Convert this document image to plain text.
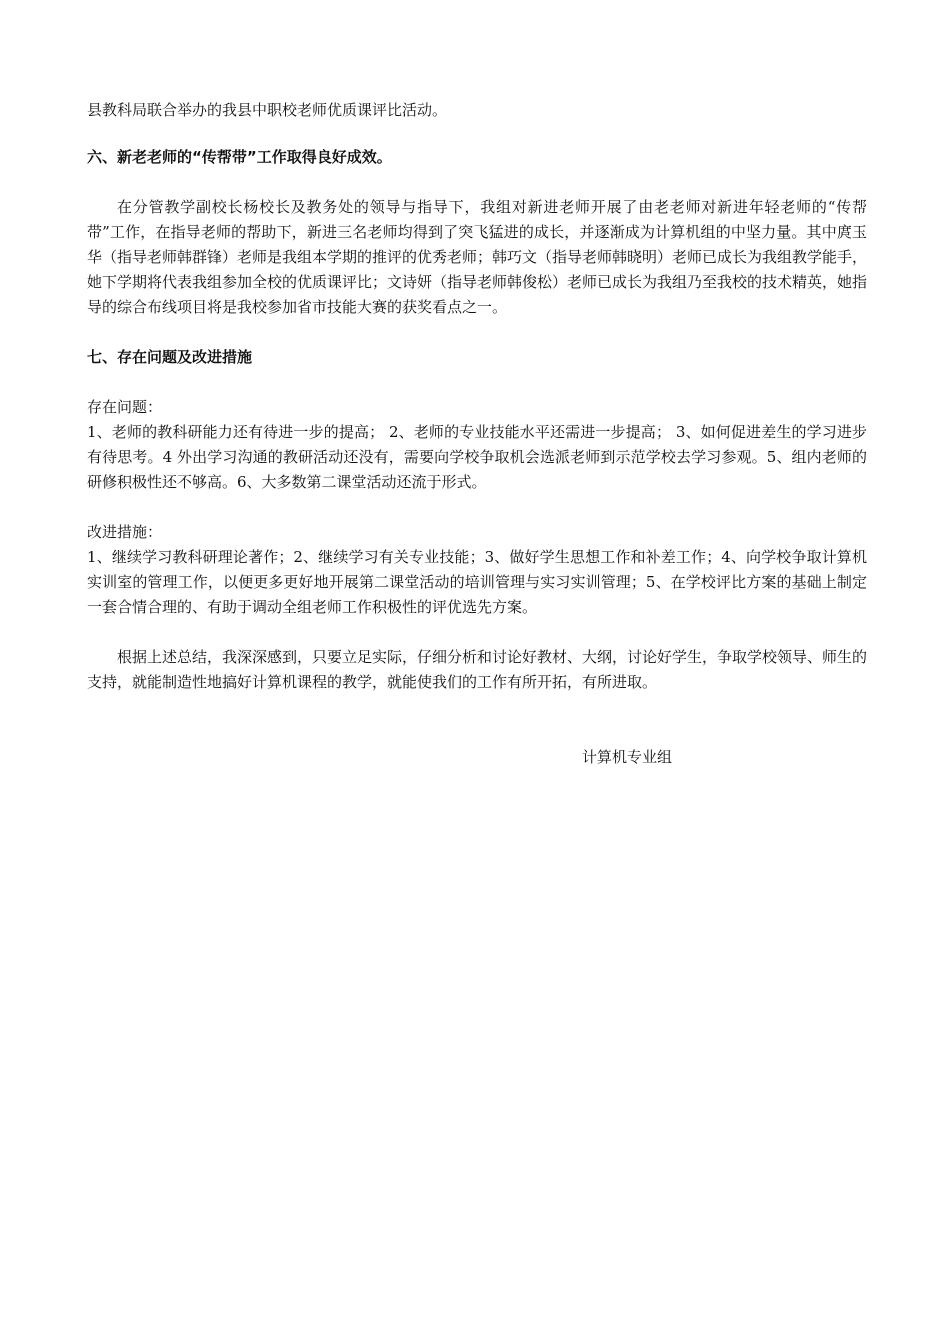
县教科局联合举办的我县中职校老师优质课评比活动。

六、新老老师的“传帮带”工作取得良好成效。

在分管教学副校长杨校长及教务处的领导与指导下，我组对新进老师开展了由老老师对新进年轻老师的“传帮带”工作，在指导老师的帮助下，新进三名老师均得到了突飞猛进的成长，并逐渐成为计算机组的中坚力量。其中庹玉华（指导老师韩群锋）老师是我组本学期的推评的优秀老师；韩巧文（指导老师韩晓明）老师已成长为我组教学能手，她下学期将代表我组参加全校的优质课评比；文诗妍（指导老师韩俊松）老师已成长为我组乃至我校的技术精英，她指导的综合布线项目将是我校参加省市技能大赛的获奖看点之一。

七、存在问题及改进措施

存在问题：

1、老师的教科研能力还有待进一步的提高； 2、老师的专业技能水平还需进一步提高； 3、如何促进差生的学习进步有待思考。4 外出学习沟通的教研活动还没有，需要向学校争取机会选派老师到示范学校去学习参观。5、组内老师的研修积极性还不够高。6、大多数第二课堂活动还流于形式。

改进措施：

1、继续学习教科研理论著作；2、继续学习有关专业技能；3、做好学生思想工作和补差工作；4、向学校争取计算机实训室的管理工作，以便更多更好地开展第二课堂活动的培训管理与实习实训管理；5、在学校评比方案的基础上制定一套合情合理的、有助于调动全组老师工作积极性的评优选先方案。

根据上述总结，我深深感到，只要立足实际，仔细分析和讨论好教材、大纲，讨论好学生，争取学校领导、师生的支持，就能制造性地搞好计算机课程的教学，就能使我们的工作有所开拓，有所进取。

计算机专业组
